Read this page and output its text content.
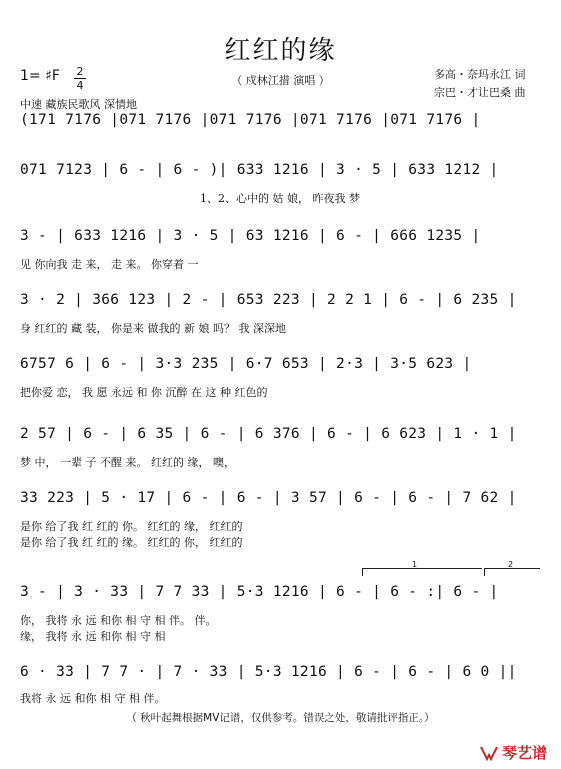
红红的缘
（ 戍林江措 演唱 ）	多高・奈玛永江 词
宗巴・才让巴桑 曲
1= ♯F 2
4
中速 藏族民歌风 深情地
(171 7176 |071 7176 |071 7176 |071 7176 |071 7176 |
071 7123 | 6 - | 6 - )| 633 1216 | 3 · 5 | 633 1212 |
1、2、心中的 姑 娘， 昨夜我 梦
3 - | 633 1216 | 3 · 5 | 63 1216 | 6 - | 666 1235 |
见 你向我 走 来， 走 来。 你穿着 一
3 · 2 | 366 123 | 2 - | 653 223 | 2 2 1 | 6 - | 6 235 |
身 红红的 藏 装， 你是来 做我的 新 娘 吗？ 我 深深地
6757 6 | 6 - | 3·3 235 | 6·7 653 | 2·3 | 3·5 623 |
把你爱 恋， 我 愿 永远 和 你 沉醉 在 这 种 红色的
2 57 | 6 - | 6 35 | 6 - | 6 376 | 6 - | 6 623 | 1 · 1 |
梦 中， 一辈 子 不醒 来。 红红的 缘， 噢，
33 223 | 5 · 17 | 6 - | 6 - | 3 57 | 6 - | 6 - | 7 62 |
是你 给了我 红 红的 你。 红红的 缘， 红红的
是你 给了我 红 红的 缘。 红红的 你， 红红的
1	2
3 - | 3 · 33 | 7 7 33 | 5·3 1216 | 6 - | 6 - :| 6 - |
你， 我将 永 远 和你 相 守 相 伴。 伴。
缘， 我将 永 远 和你 相 守 相
6 · 33 | 7 7 · | 7 · 33 | 5·3 1216 | 6 - | 6 - | 6 0 ||
我将 永 远 和你 相 守 相 伴。
（ 秋叶起舞根据MV记谱，仅供参考。错误之处，敬请批评指正。）
琴艺谱
